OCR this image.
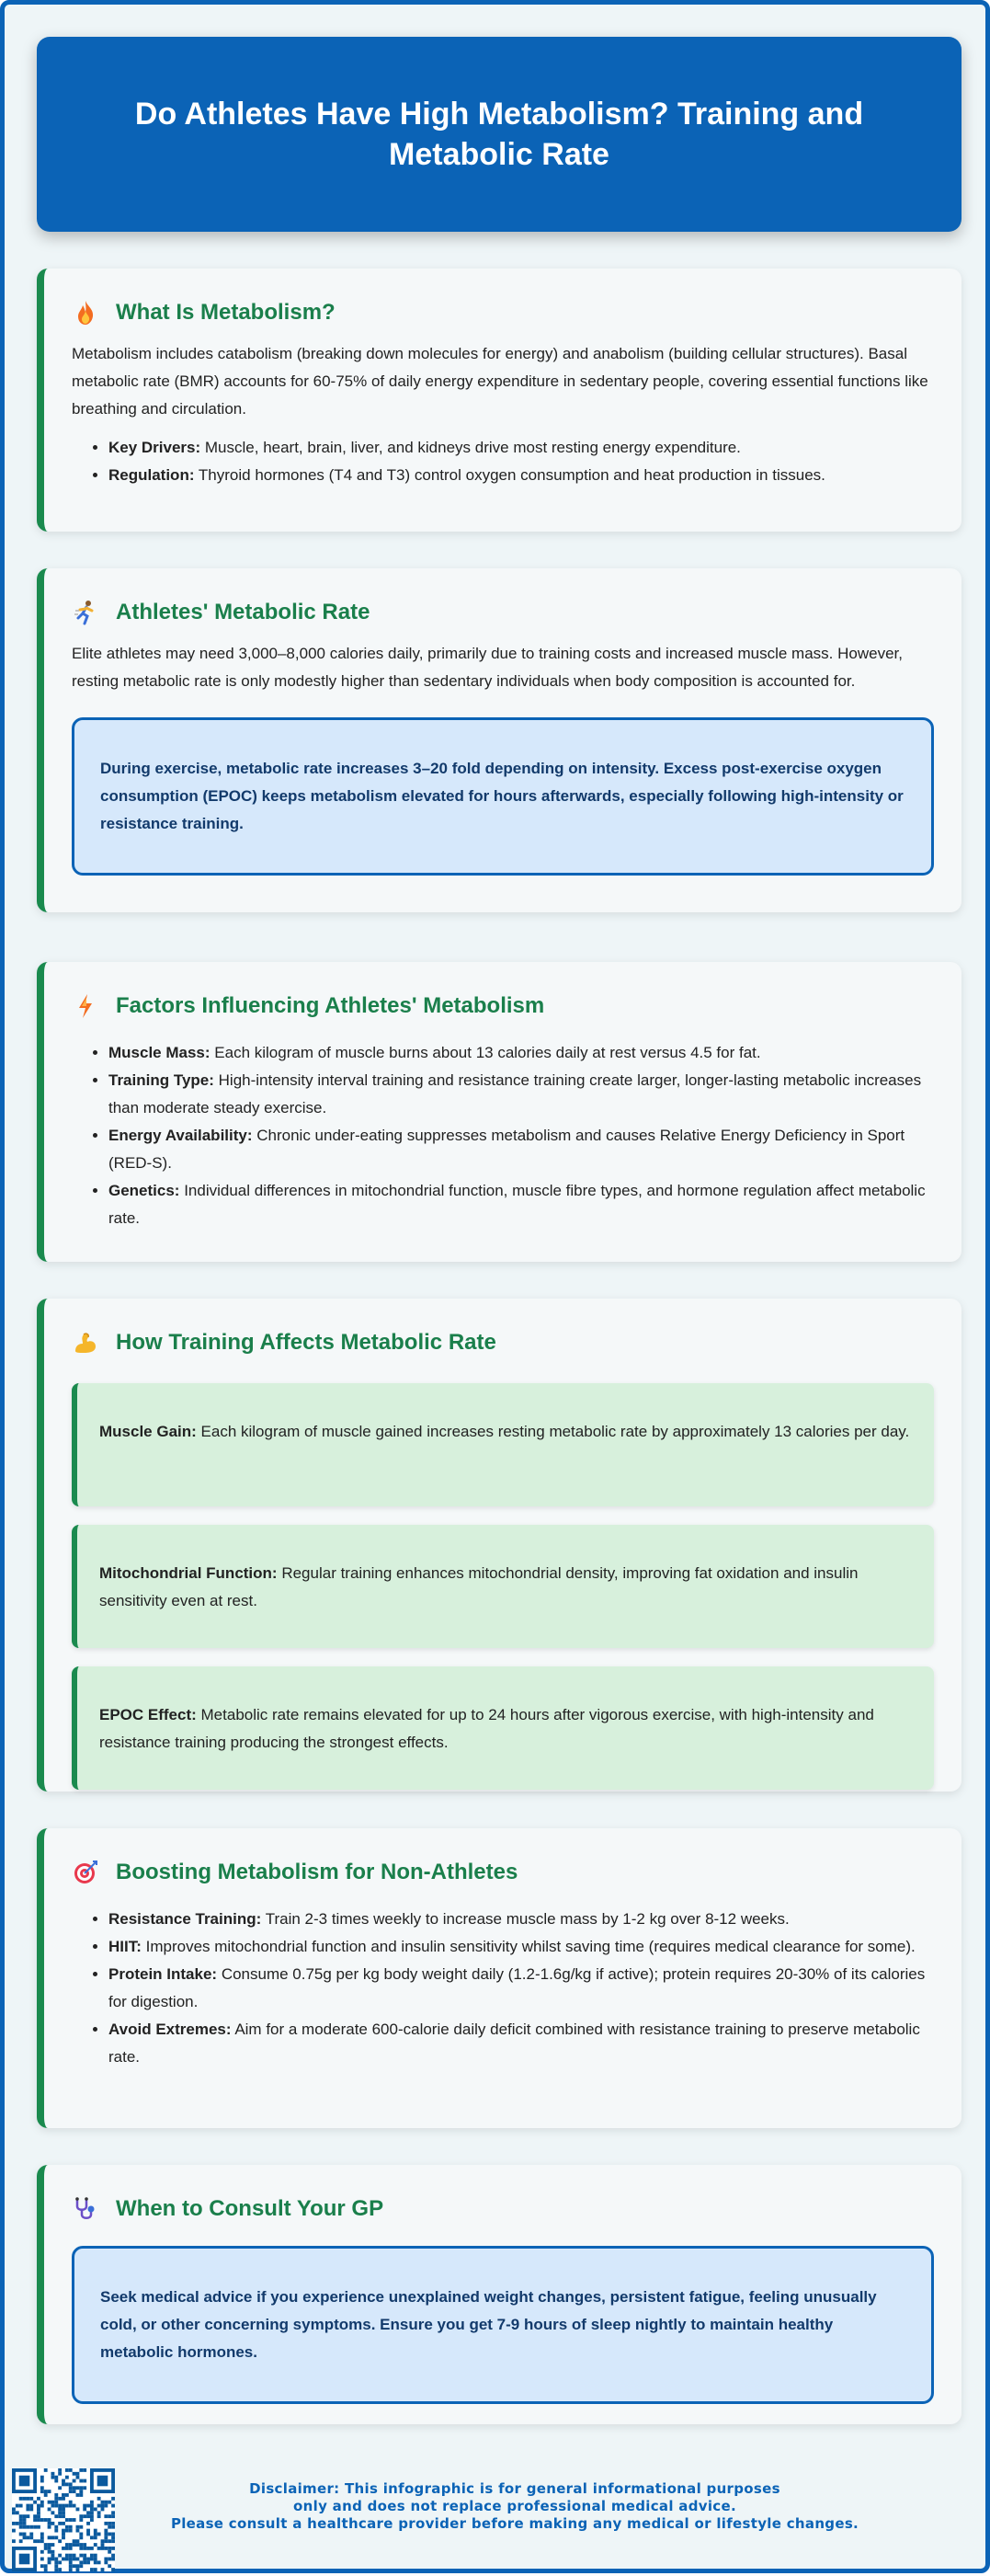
Do Athletes Have High Metabolism? Training and Metabolic Rate
What Is Metabolism?

Metabolism includes catabolism (breaking down molecules for energy) and anabolism (building cellular structures). Basal metabolic rate (BMR) accounts for 60-75% of daily energy expenditure in sedentary people, covering essential functions like breathing and circulation.

• Key Drivers: Muscle, heart, brain, liver, and kidneys drive most resting energy expenditure.
• Regulation: Thyroid hormones (T4 and T3) control oxygen consumption and heat production in tissues.
Athletes' Metabolic Rate

Elite athletes may need 3,000–8,000 calories daily, primarily due to training costs and increased muscle mass. However, resting metabolic rate is only modestly higher than sedentary individuals when body composition is accounted for.

During exercise, metabolic rate increases 3–20 fold depending on intensity. Excess post-exercise oxygen consumption (EPOC) keeps metabolism elevated for hours afterwards, especially following high-intensity or resistance training.
Factors Influencing Athletes' Metabolism
• Muscle Mass: Each kilogram of muscle burns about 13 calories daily at rest versus 4.5 for fat.
• Training Type: High-intensity interval training and resistance training create larger, longer-lasting metabolic increases than moderate steady exercise.
• Energy Availability: Chronic under-eating suppresses metabolism and causes Relative Energy Deficiency in Sport (RED-S).
• Genetics: Individual differences in mitochondrial function, muscle fibre types, and hormone regulation affect metabolic rate.
How Training Affects Metabolic Rate
Muscle Gain: Each kilogram of muscle gained increases resting metabolic rate by approximately 13 calories per day.
Mitochondrial Function: Regular training enhances mitochondrial density, improving fat oxidation and insulin sensitivity even at rest.
EPOC Effect: Metabolic rate remains elevated for up to 24 hours after vigorous exercise, with high-intensity and resistance training producing the strongest effects.
Boosting Metabolism for Non-Athletes
• Resistance Training: Train 2-3 times weekly to increase muscle mass by 1-2 kg over 8-12 weeks.
• HIIT: Improves mitochondrial function and insulin sensitivity whilst saving time (requires medical clearance for some).
• Protein Intake: Consume 0.75g per kg body weight daily (1.2-1.6g/kg if active); protein requires 20-30% of its calories for digestion.
• Avoid Extremes: Aim for a moderate 600-calorie daily deficit combined with resistance training to preserve metabolic rate.
When to Consult Your GP
Seek medical advice if you experience unexplained weight changes, persistent fatigue, feeling unusually cold, or other concerning symptoms. Ensure you get 7-9 hours of sleep nightly to maintain healthy metabolic hormones.
Disclaimer: This infographic is for general informational purposes
only and does not replace professional medical advice.
Please consult a healthcare provider before making any medical or lifestyle changes.
